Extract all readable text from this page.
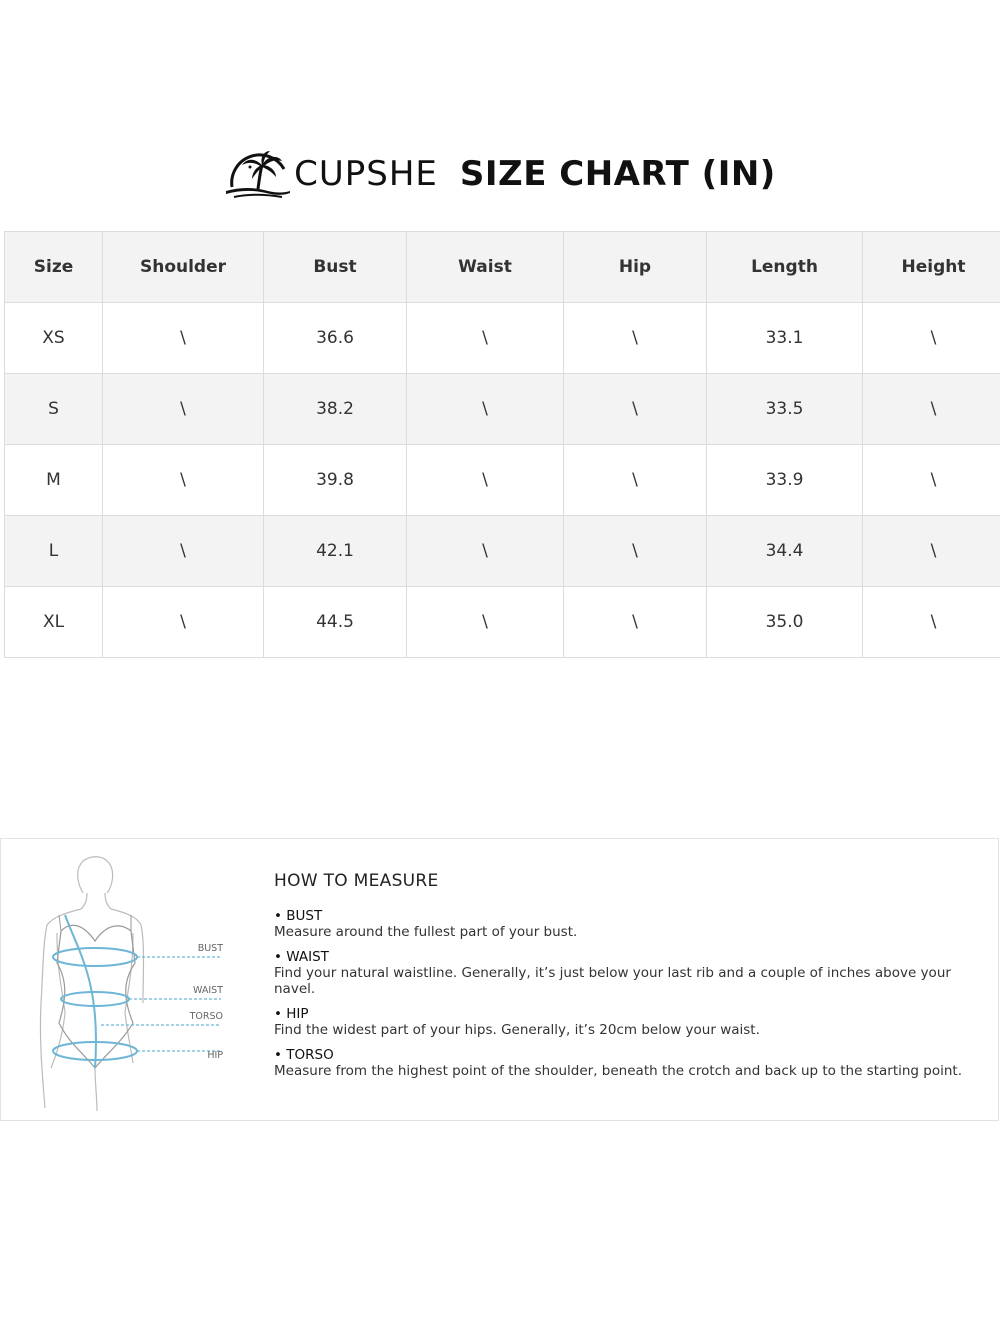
CUPSHE SIZE CHART (IN)
Size	Shoulder	Bust	Waist	Hip	Length	Height
XS	\	36.6	\	\	33.1	\
S	\	38.2	\	\	33.5	\
M	\	39.8	\	\	33.9	\
L	\	42.1	\	\	34.4	\
XL	\	44.5	\	\	35.0	\
BUST
WAIST
TORSO
HIP
HOW TO MEASURE
• BUST
Measure around the fullest part of your bust.
• WAIST
Find your natural waistline. Generally, it’s just below your last rib and a couple of inches above your navel.
• HIP
Find the widest part of your hips. Generally, it’s 20cm below your waist.
• TORSO
Measure from the highest point of the shoulder, beneath the crotch and back up to the starting point.
